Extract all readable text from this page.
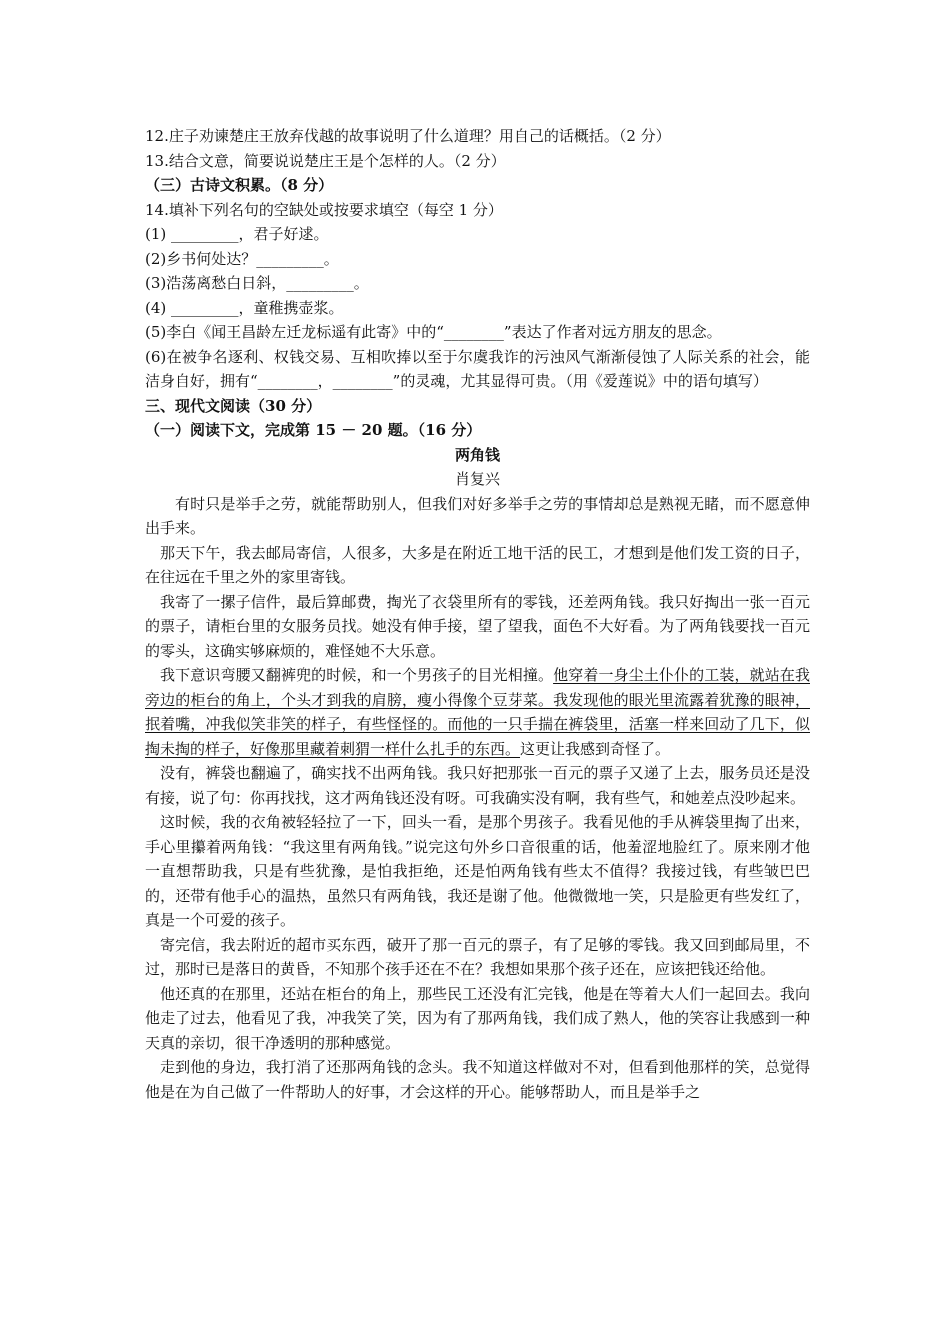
12.庄子劝谏楚庄王放弃伐越的故事说明了什么道理？用自己的话概括。（2 分）

13.结合文意，简要说说楚庄王是个怎样的人。（2 分）

（三）古诗文积累。（8 分）

14.填补下列名句的空缺处或按要求填空（每空 1 分）

(1) _________，君子好逑。

(2)乡书何处达？_________。

(3)浩荡离愁白日斜，_________。

(4) _________，童稚携壶浆。

(5)李白《闻王昌龄左迁龙标遥有此寄》中的“________”表达了作者对远方朋友的思念。

(6)在被争名逐利、权钱交易、互相吹捧以至于尔虞我诈的污浊风气渐渐侵蚀了人际关系的社会，能洁身自好，拥有“________，________”的灵魂，尤其显得可贵。（用《爱莲说》中的语句填写）

三、现代文阅读（30 分）

（一）阅读下文，完成第 15 － 20 题。（16 分）

两角钱

肖复兴

有时只是举手之劳，就能帮助别人，但我们对好多举手之劳的事情却总是熟视无睹，而不愿意伸出手来。

那天下午，我去邮局寄信，人很多，大多是在附近工地干活的民工，才想到是他们发工资的日子，在往远在千里之外的家里寄钱。

我寄了一摞子信件，最后算邮费，掏光了衣袋里所有的零钱，还差两角钱。我只好掏出一张一百元的票子，请柜台里的女服务员找。她没有伸手接，望了望我，面色不大好看。为了两角钱要找一百元的零头，这确实够麻烦的，难怪她不大乐意。

我下意识弯腰又翻裤兜的时候，和一个男孩子的目光相撞。他穿着一身尘土仆仆的工装，就站在我旁边的柜台的角上，个头才到我的肩膀，瘦小得像个豆芽菜。我发现他的眼光里流露着犹豫的眼神，抿着嘴，冲我似笑非笑的样子，有些怪怪的。而他的一只手揣在裤袋里，活塞一样来回动了几下，似掏未掏的样子，好像那里藏着刺猬一样什么扎手的东西。这更让我感到奇怪了。

没有，裤袋也翻遍了，确实找不出两角钱。我只好把那张一百元的票子又递了上去，服务员还是没有接，说了句：你再找找，这才两角钱还没有呀。可我确实没有啊，我有些气，和她差点没吵起来。

这时候，我的衣角被轻轻拉了一下，回头一看，是那个男孩子。我看见他的手从裤袋里掏了出来，手心里攥着两角钱：“我这里有两角钱。”说完这句外乡口音很重的话，他羞涩地脸红了。原来刚才他一直想帮助我，只是有些犹豫，是怕我拒绝，还是怕两角钱有些太不值得？我接过钱，有些皱巴巴的，还带有他手心的温热，虽然只有两角钱，我还是谢了他。他微微地一笑，只是脸更有些发红了，真是一个可爱的孩子。

寄完信，我去附近的超市买东西，破开了那一百元的票子，有了足够的零钱。我又回到邮局里，不过，那时已是落日的黄昏，不知那个孩手还在不在？我想如果那个孩子还在，应该把钱还给他。

他还真的在那里，还站在柜台的角上，那些民工还没有汇完钱，他是在等着大人们一起回去。我向他走了过去，他看见了我，冲我笑了笑，因为有了那两角钱，我们成了熟人，他的笑容让我感到一种天真的亲切，很干净透明的那种感觉。

走到他的身边，我打消了还那两角钱的念头。我不知道这样做对不对，但看到他那样的笑，总觉得他是在为自己做了一件帮助人的好事，才会这样的开心。能够帮助人，而且是举手之
